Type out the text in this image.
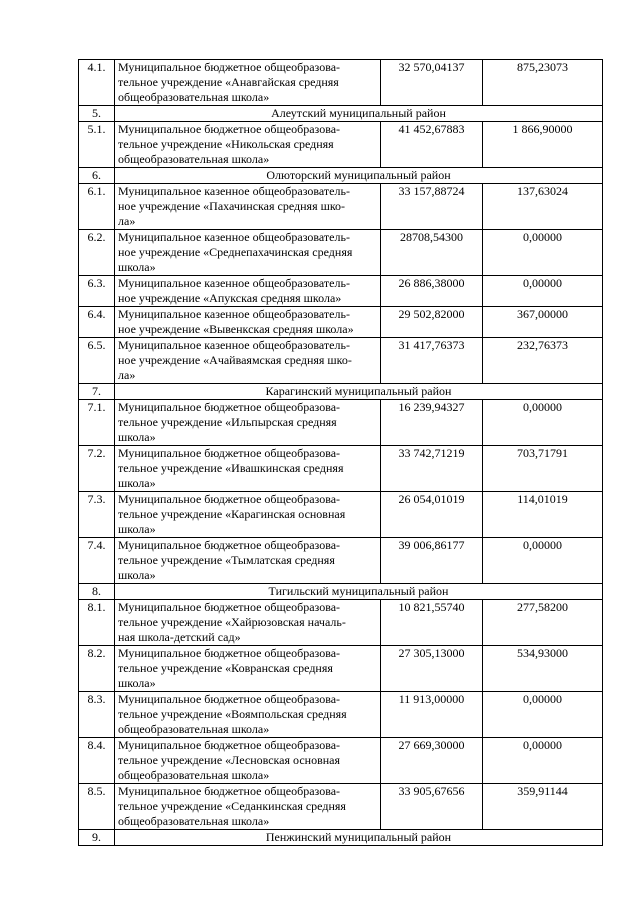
4.1.	Муниципальное бюджетное общеобразова-
тельное учреждение «Анавгайская средняя
общеобразовательная школа»	32 570,04137	875,23073
5.	Алеутский муниципальный район		
5.1.	Муниципальное бюджетное общеобразова-
тельное учреждение «Никольская средняя
общеобразовательная школа»	41 452,67883	1 866,90000
6.	Олюторский муниципальный район		
6.1.	Муниципальное казенное общеобразователь-
ное учреждение «Пахачинская средняя шко-
ла»	33 157,88724	137,63024
6.2.	Муниципальное казенное общеобразователь-
ное учреждение «Среднепахачинская средняя
школа»	28708,54300	0,00000
6.3.	Муниципальное казенное общеобразователь-
ное учреждение «Апукская средняя школа»	26 886,38000	0,00000
6.4.	Муниципальное казенное общеобразователь-
ное учреждение «Вывенкская средняя школа»	29 502,82000	367,00000
6.5.	Муниципальное казенное общеобразователь-
ное учреждение «Ачайваямская средняя шко-
ла»	31 417,76373	232,76373
7.	Карагинский муниципальный район		
7.1.	Муниципальное бюджетное общеобразова-
тельное учреждение «Ильпырская средняя
школа»	16 239,94327	0,00000
7.2.	Муниципальное бюджетное общеобразова-
тельное учреждение «Ивашкинская средняя
школа»	33 742,71219	703,71791
7.3.	Муниципальное бюджетное общеобразова-
тельное учреждение «Карагинская основная
школа»	26 054,01019	114,01019
7.4.	Муниципальное бюджетное общеобразова-
тельное учреждение «Тымлатская средняя
школа»	39 006,86177	0,00000
8.	Тигильский муниципальный район		
8.1.	Муниципальное бюджетное общеобразова-
тельное учреждение «Хайрюзовская началь-
ная школа-детский сад»	10 821,55740	277,58200
8.2.	Муниципальное бюджетное общеобразова-
тельное учреждение «Ковранская средняя
школа»	27 305,13000	534,93000
8.3.	Муниципальное бюджетное общеобразова-
тельное учреждение «Воямпольская средняя
общеобразовательная школа»	11 913,00000	0,00000
8.4.	Муниципальное бюджетное общеобразова-
тельное учреждение «Лесновская основная
общеобразовательная школа»	27 669,30000	0,00000
8.5.	Муниципальное бюджетное общеобразова-
тельное учреждение «Седанкинская средняя
общеобразовательная школа»	33 905,67656	359,91144
9.	Пенжинский муниципальный район		
